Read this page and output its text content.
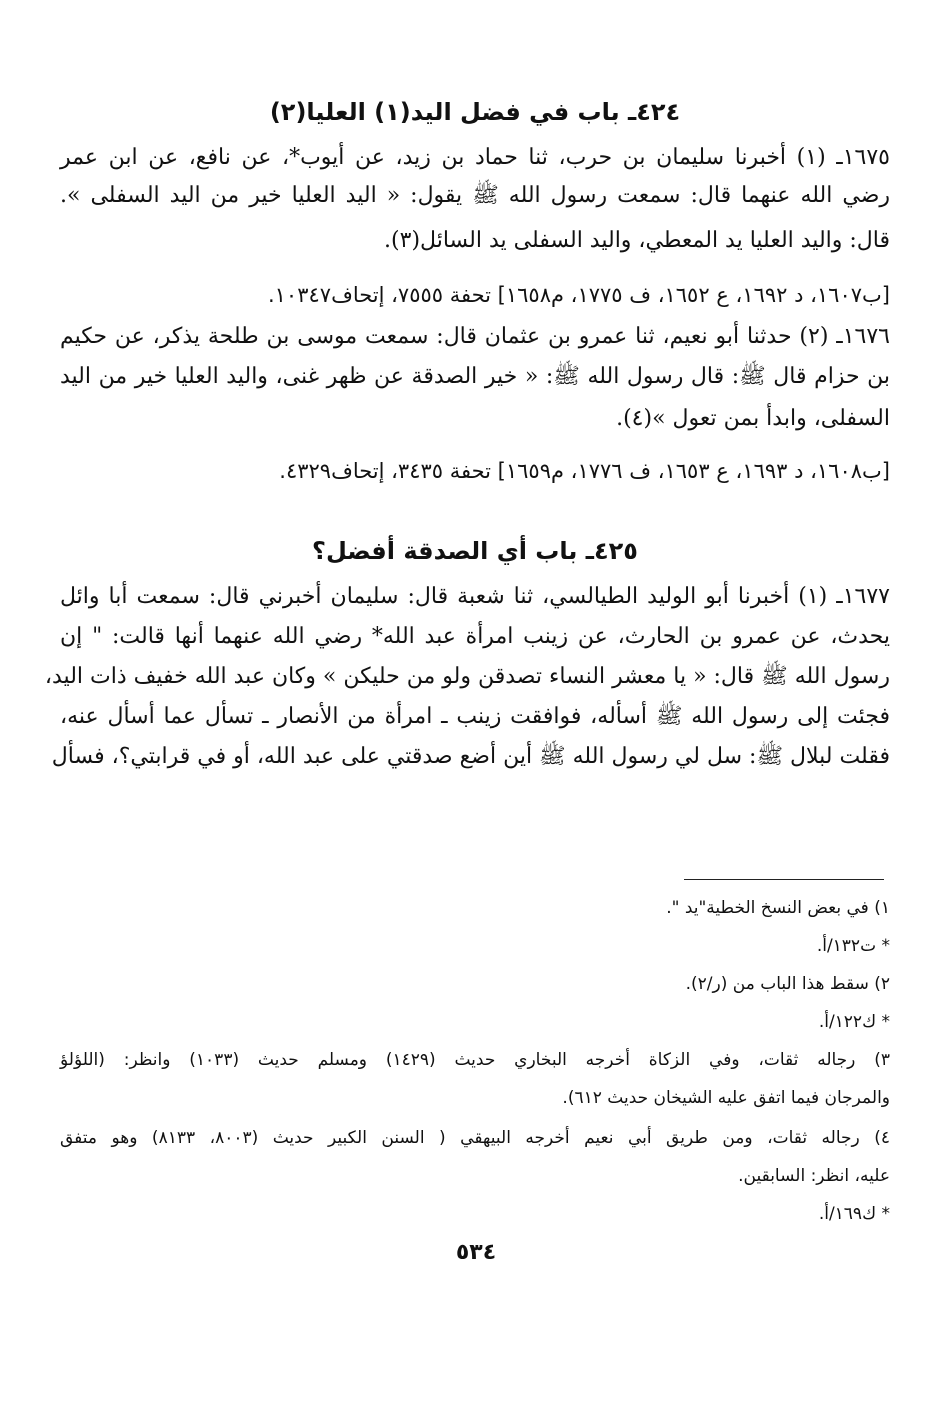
٤٢٤ـ باب في فضل اليد(١) العليا(٢)
١٦٧٥ـ (١) أخبرنا سليمان بن حرب، ثنا حماد بن زيد، عن أيوب*، عن نافع، عن ابن عمر
رضي الله عنهما قال: سمعت رسول الله ﷺ يقول: « اليد العليا خير من اليد السفلى ».
قال: واليد العليا يد المعطي، واليد السفلى يد السائل(٣).
[ب١٦٠٧، د ١٦٩٢، ع ١٦٥٢، ف ١٧٧٥، م١٦٥٨] تحفة ٧٥٥٥، إتحاف١٠٣٤٧.
١٦٧٦ـ (٢) حدثنا أبو نعيم، ثنا عمرو بن عثمان قال: سمعت موسى بن طلحة يذكر، عن حكيم
بن حزام قال ﷺ: قال رسول الله ﷺ: « خير الصدقة عن ظهر غنى، واليد العليا خير من اليد
السفلى، وابدأ بمن تعول »(٤).
[ب١٦٠٨، د ١٦٩٣، ع ١٦٥٣، ف ١٧٧٦، م١٦٥٩] تحفة ٣٤٣٥، إتحاف٤٣٢٩.
٤٢٥ـ باب أي الصدقة أفضل؟
١٦٧٧ـ (١) أخبرنا أبو الوليد الطيالسي، ثنا شعبة قال: سليمان أخبرني قال: سمعت أبا وائل
يحدث، عن عمرو بن الحارث، عن زينب امرأة عبد الله* رضي الله عنهما أنها قالت: " إن
رسول الله ﷺ قال: « يا معشر النساء تصدقن ولو من حليكن » وكان عبد الله خفيف ذات اليد،
فجئت إلى رسول الله ﷺ أسأله، فوافقت زينب ـ امرأة من الأنصار ـ تسأل عما أسأل عنه،
فقلت لبلال ﷺ: سل لي رسول الله ﷺ أين أضع صدقتي على عبد الله، أو في قرابتي؟، فسأل
١) في بعض النسخ الخطية"يد ".
* ت١٣٢/أ.
٢) سقط هذا الباب من (ر/٢).
* ك١٢٢/أ.
٣) رجاله ثقات، وفي الزكاة أخرجه البخاري حديث (١٤٢٩) ومسلم حديث (١٠٣٣) وانظر: (اللؤلؤ
والمرجان فيما اتفق عليه الشيخان حديث ٦١٢).
٤) رجاله ثقات، ومن طريق أبي نعيم أخرجه البيهقي ( السنن الكبير حديث (٨٠٠٣، ٨١٣٣) وهو متفق
عليه، انظر: السابقين.
* ك١٦٩/أ.
٥٣٤
